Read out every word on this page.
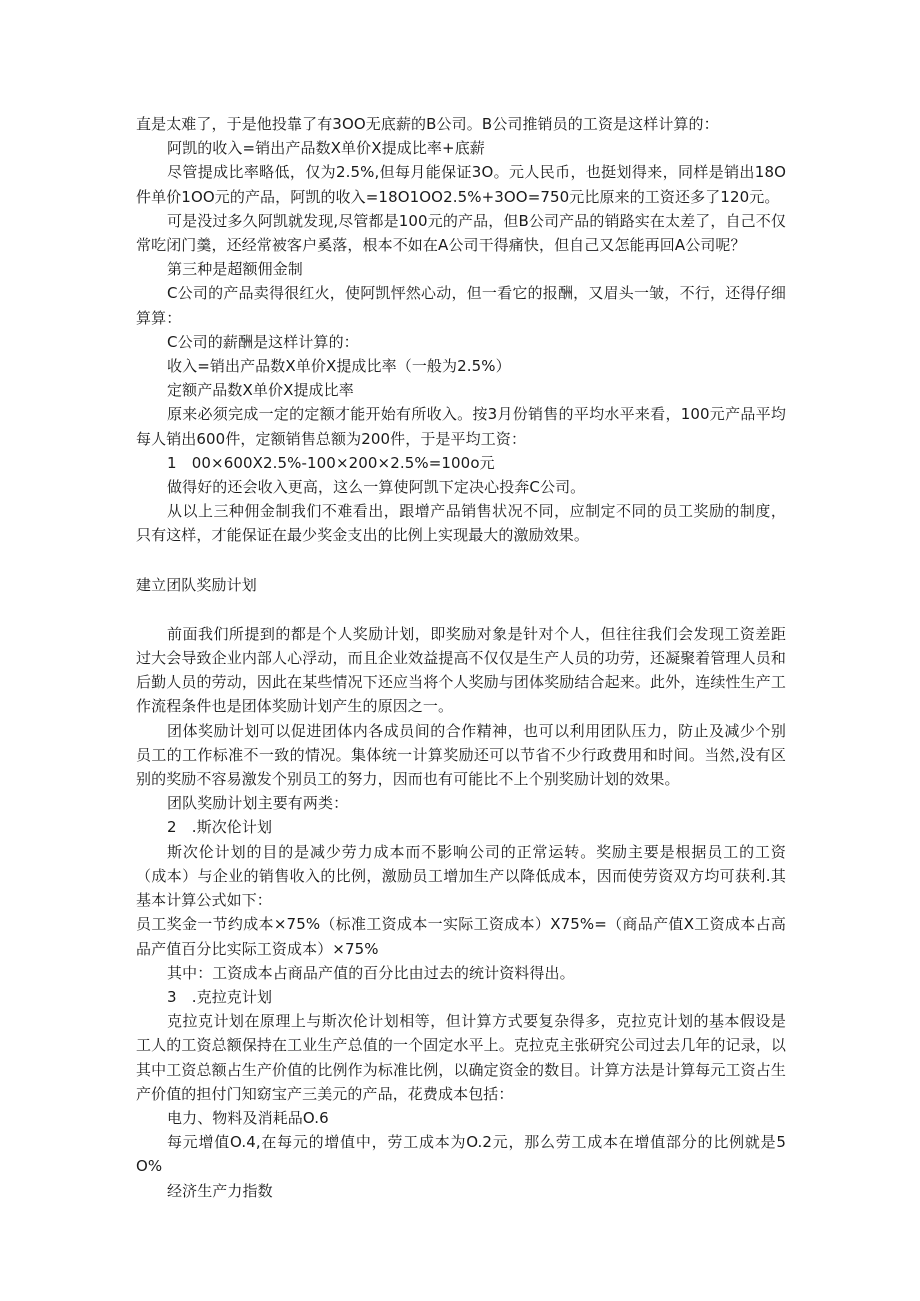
直是太难了，于是他投靠了有3OO无底薪的B公司。B公司推销员的工资是这样计算的：

阿凯的收入=销出产品数X单价X提成比率+底薪

尽管提成比率略低，仅为2.5%,但每月能保证3O。元人民币，也挺划得来，同样是销出18O件单价1OO元的产品，阿凯的收入=18O1OO2.5%+3OO=750元比原来的工资还多了120元。

可是没过多久阿凯就发现,尽管都是100元的产品，但B公司产品的销路实在太差了，自己不仅常吃闭门羹，还经常被客户奚落，根本不如在A公司干得痛快，但自己又怎能再回A公司呢？

第三种是超额佣金制

C公司的产品卖得很红火，使阿凯怦然心动，但一看它的报酬，又眉头一皱，不行，还得仔细算算：

C公司的薪酬是这样计算的：

收入=销出产品数X单价X提成比率（一般为2.5%）

定额产品数X单价X提成比率

原来必须完成一定的定额才能开始有所收入。按3月份销售的平均水平来看，100元产品平均每人销出600件，定额销售总额为200件，于是平均工资：

1　00×600X2.5%-100×200×2.5%=100o元

做得好的还会收入更高，这么一算使阿凯下定决心投奔C公司。

从以上三种佣金制我们不难看出，跟增产品销售状况不同，应制定不同的员工奖励的制度，只有这样，才能保证在最少奖金支出的比例上实现最大的激励效果。

建立团队奖励计划

前面我们所提到的都是个人奖励计划，即奖励对象是针对个人，但往往我们会发现工资差距过大会导致企业内部人心浮动，而且企业效益提高不仅仅是生产人员的功劳，还凝聚着管理人员和后勤人员的劳动，因此在某些情况下还应当将个人奖励与团体奖励结合起来。此外，连续性生产工作流程条件也是团体奖励计划产生的原因之一。

团体奖励计划可以促进团体内各成员间的合作精神，也可以利用团队压力，防止及减少个别员工的工作标准不一致的情况。集体统一计算奖励还可以节省不少行政费用和时间。当然,没有区别的奖励不容易激发个别员工的努力，因而也有可能比不上个别奖励计划的效果。

团队奖励计划主要有两类：

2　.斯次伦计划

斯次伦计划的目的是减少劳力成本而不影响公司的正常运转。奖励主要是根据员工的工资（成本）与企业的销售收入的比例，激励员工增加生产以降低成本，因而使劳资双方均可获利.其基本计算公式如下：

员工奖金一节约成本×75%（标准工资成本一实际工资成本）X75%=（商品产值X工资成本占高品产值百分比实际工资成本）×75%

其中：工资成本占商品产值的百分比由过去的统计资料得出。

3　.克拉克计划

克拉克计划在原理上与斯次伦计划相等，但计算方式要复杂得多，克拉克计划的基本假设是工人的工资总额保持在工业生产总值的一个固定水平上。克拉克主张研究公司过去几年的记录，以其中工资总额占生产价值的比例作为标准比例，以确定资金的数目。计算方法是计算每元工资占生产价值的担付门知窈宝产三美元的产品，花费成本包括：

电力、物料及消耗品O.6

每元增值O.4,在每元的增值中，劳工成本为O.2元，那么劳工成本在增值部分的比例就是5O%

经济生产力指数
